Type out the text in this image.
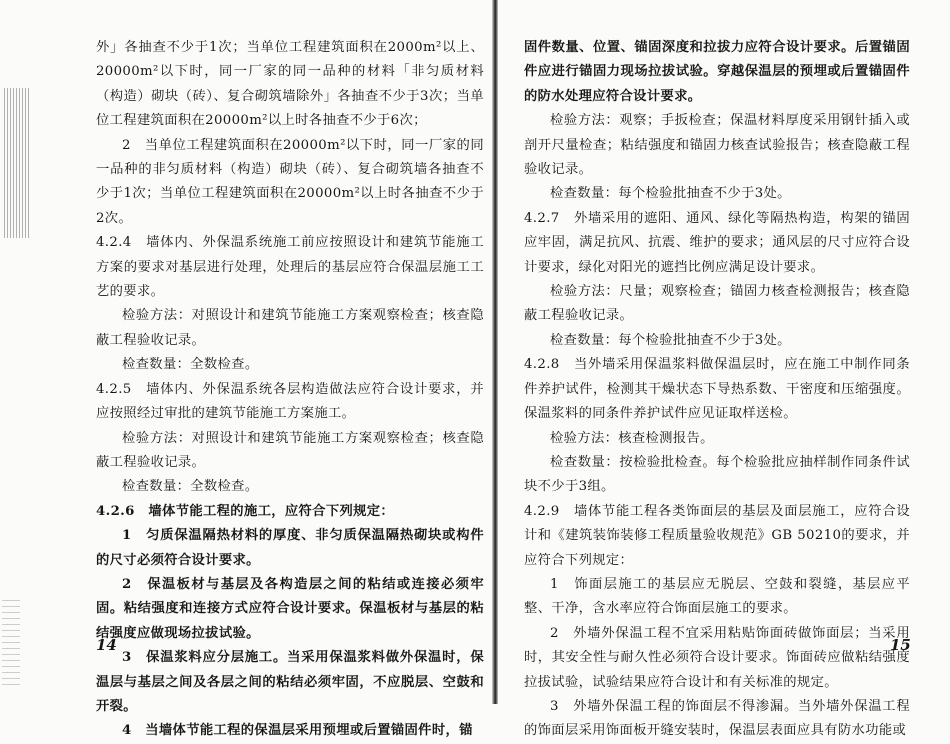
外」各抽查不少于1次；当单位工程建筑面积在2000m²以上、20000m²以下时，同一厂家的同一品种的材料「非匀质材料（构造）砌块（砖）、复合砌筑墙除外」各抽查不少于3次；当单位工程建筑面积在20000m²以上时各抽查不少于6次；

2　当单位工程建筑面积在20000m²以下时，同一厂家的同一品种的非匀质材料（构造）砌块（砖）、复合砌筑墙各抽查不少于1次；当单位工程建筑面积在20000m²以上时各抽查不少于2次。

4.2.4　墙体内、外保温系统施工前应按照设计和建筑节能施工方案的要求对基层进行处理，处理后的基层应符合保温层施工工艺的要求。

检验方法：对照设计和建筑节能施工方案观察检查；核查隐蔽工程验收记录。

检查数量：全数检查。

4.2.5　墙体内、外保温系统各层构造做法应符合设计要求，并应按照经过审批的建筑节能施工方案施工。

检验方法：对照设计和建筑节能施工方案观察检查；核查隐蔽工程验收记录。

检查数量：全数检查。

4.2.6　墙体节能工程的施工，应符合下列规定：

1　匀质保温隔热材料的厚度、非匀质保温隔热砌块或构件的尺寸必须符合设计要求。

2　保温板材与基层及各构造层之间的粘结或连接必须牢固。粘结强度和连接方式应符合设计要求。保温板材与基层的粘结强度应做现场拉拔试验。

3　保温浆料应分层施工。当采用保温浆料做外保温时，保温层与基层之间及各层之间的粘结必须牢固，不应脱层、空鼓和开裂。

4　当墙体节能工程的保温层采用预埋或后置锚固件时，锚

14

固件数量、位置、锚固深度和拉拔力应符合设计要求。后置锚固件应进行锚固力现场拉拔试验。穿越保温层的预埋或后置锚固件的防水处理应符合设计要求。

检验方法：观察；手扳检查；保温材料厚度采用钢针插入或剖开尺量检查；粘结强度和锚固力核查试验报告；核查隐蔽工程验收记录。

检查数量：每个检验批抽查不少于3处。

4.2.7　外墙采用的遮阳、通风、绿化等隔热构造，构架的锚固应牢固，满足抗风、抗震、维护的要求；通风层的尺寸应符合设计要求，绿化对阳光的遮挡比例应满足设计要求。

检验方法：尺量；观察检查；锚固力核查检测报告；核查隐蔽工程验收记录。

检查数量：每个检验批抽查不少于3处。

4.2.8　当外墙采用保温浆料做保温层时，应在施工中制作同条件养护试件，检测其干燥状态下导热系数、干密度和压缩强度。保温浆料的同条件养护试件应见证取样送检。

检验方法：核查检测报告。

检查数量：按检验批检查。每个检验批应抽样制作同条件试块不少于3组。

4.2.9　墙体节能工程各类饰面层的基层及面层施工，应符合设计和《建筑装饰装修工程质量验收规范》GB 50210的要求，并应符合下列规定：

1　饰面层施工的基层应无脱层、空鼓和裂缝，基层应平整、干净，含水率应符合饰面层施工的要求。

2　外墙外保温工程不宜采用粘贴饰面砖做饰面层；当采用时，其安全性与耐久性必须符合设计要求。饰面砖应做粘结强度拉拔试验，试验结果应符合设计和有关标准的规定。

3　外墙外保温工程的饰面层不得渗漏。当外墙外保温工程的饰面层采用饰面板开缝安装时，保温层表面应具有防水功能或

15
